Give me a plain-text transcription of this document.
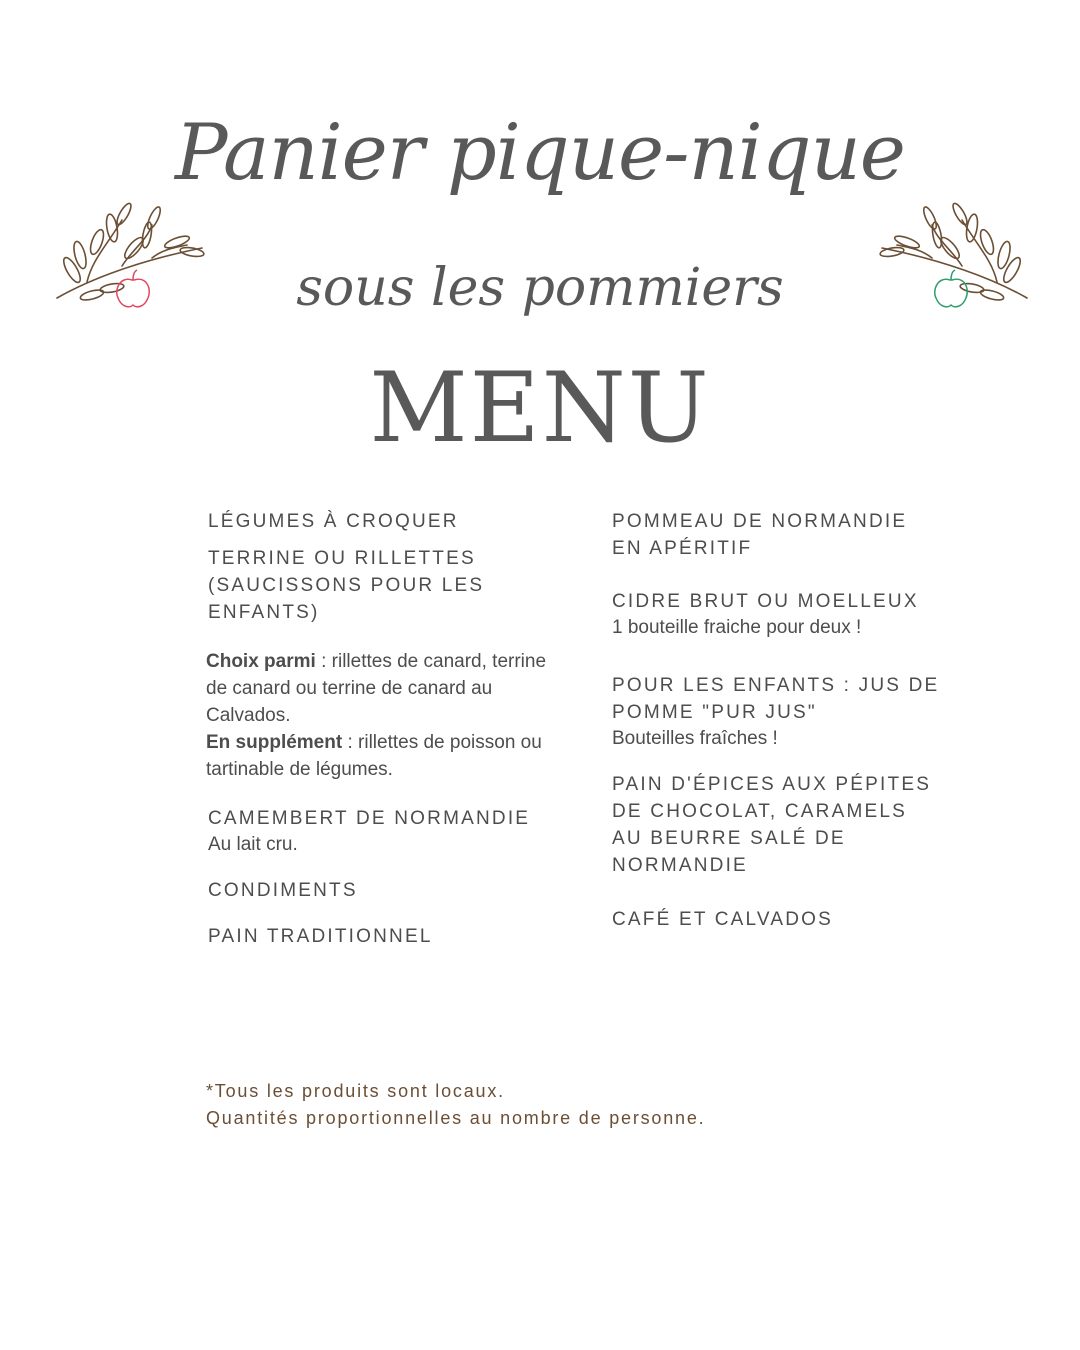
Panier pique-nique
sous les pommiers
MENU

LÉGUMES À CROQUER

TERRINE OU RILLETTES
(SAUCISSONS POUR LES
ENFANTS)

Choix parmi : rillettes de canard, terrine de canard ou terrine de canard au Calvados.

En supplément : rillettes de poisson ou tartinable de légumes.

CAMEMBERT DE NORMANDIE

Au lait cru.

CONDIMENTS

PAIN TRADITIONNEL

POMMEAU DE NORMANDIE
EN APÉRITIF

CIDRE BRUT OU MOELLEUX

1 bouteille fraiche pour deux !

POUR LES ENFANTS : JUS DE
POMME "PUR JUS"

Bouteilles fraîches !

PAIN D'ÉPICES AUX PÉPITES
DE CHOCOLAT, CARAMELS
AU BEURRE SALÉ DE
NORMANDIE

CAFÉ ET CALVADOS

*Tous les produits sont locaux.
Quantités proportionnelles au nombre de personne.
